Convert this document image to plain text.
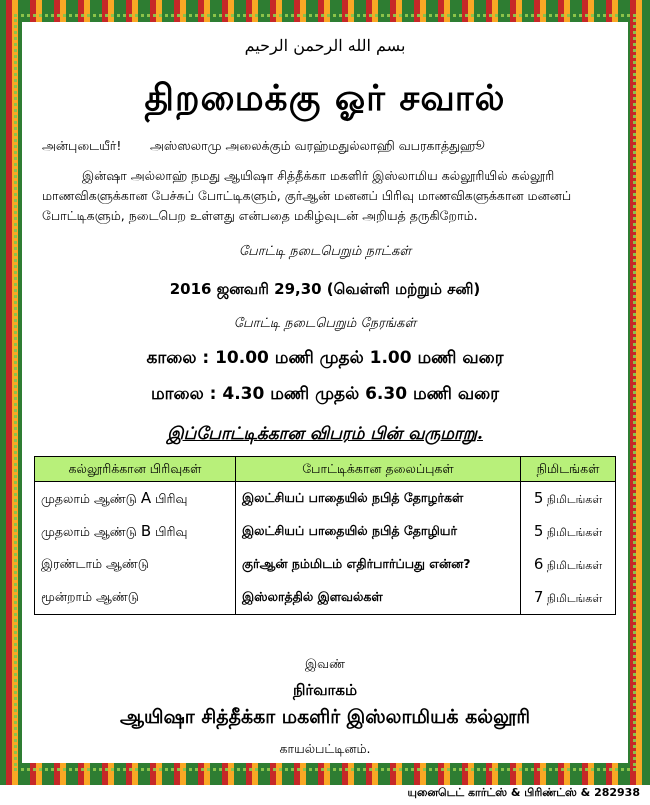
بسم الله الرحمن الرحيم
திறமைக்கு ஓர் சவால்
அன்புடையீர்! அஸ்ஸலாமு அலைக்கும் வரஹ்மதுல்லாஹி வபரகாத்துஹூ
இன்ஷா அல்லாஹ் நமது ஆயிஷா சித்தீக்கா மகளிர் இஸ்லாமிய கல்லூரியில் கல்லூரி மாணவிகளுக்கான பேச்சுப் போட்டிகளும், குர்ஆன் மனனப் பிரிவு மாணவிகளுக்கான மனனப் போட்டிகளும், நடைபெற உள்ளது என்பதை மகிழ்வுடன் அறியத் தருகிறோம்.
போட்டி நடைபெறும் நாட்கள்
2016 ஜனவரி 29,30 (வெள்ளி மற்றும் சனி)
போட்டி நடைபெறும் நேரங்கள்
காலை : 10.00 மணி முதல் 1.00 மணி வரை
மாலை : 4.30 மணி முதல் 6.30 மணி வரை
இப்போட்டிக்கான விபரம் பின் வருமாறு.
கல்லூரிக்கான பிரிவுகள்	போட்டிக்கான தலைப்புகள்	நிமிடங்கள்
முதலாம் ஆண்டு A பிரிவு	இலட்சியப் பாதையில் நபித் தோழர்கள்	5 நிமிடங்கள்
முதலாம் ஆண்டு B பிரிவு	இலட்சியப் பாதையில் நபித் தோழியர்	5 நிமிடங்கள்
இரண்டாம் ஆண்டு	குர்ஆன் நம்மிடம் எதிர்பார்ப்பது என்ன?	6 நிமிடங்கள்
மூன்றாம் ஆண்டு	இஸ்லாத்தில் இளவல்கள்	7 நிமிடங்கள்
இவண்
நிர்வாகம்
ஆயிஷா சித்தீக்கா மகளிர் இஸ்லாமியக் கல்லூரி
காயல்பட்டினம்.
யுனைடெட் கார்ட்ஸ் & பிரிண்ட்ஸ் & 282938
